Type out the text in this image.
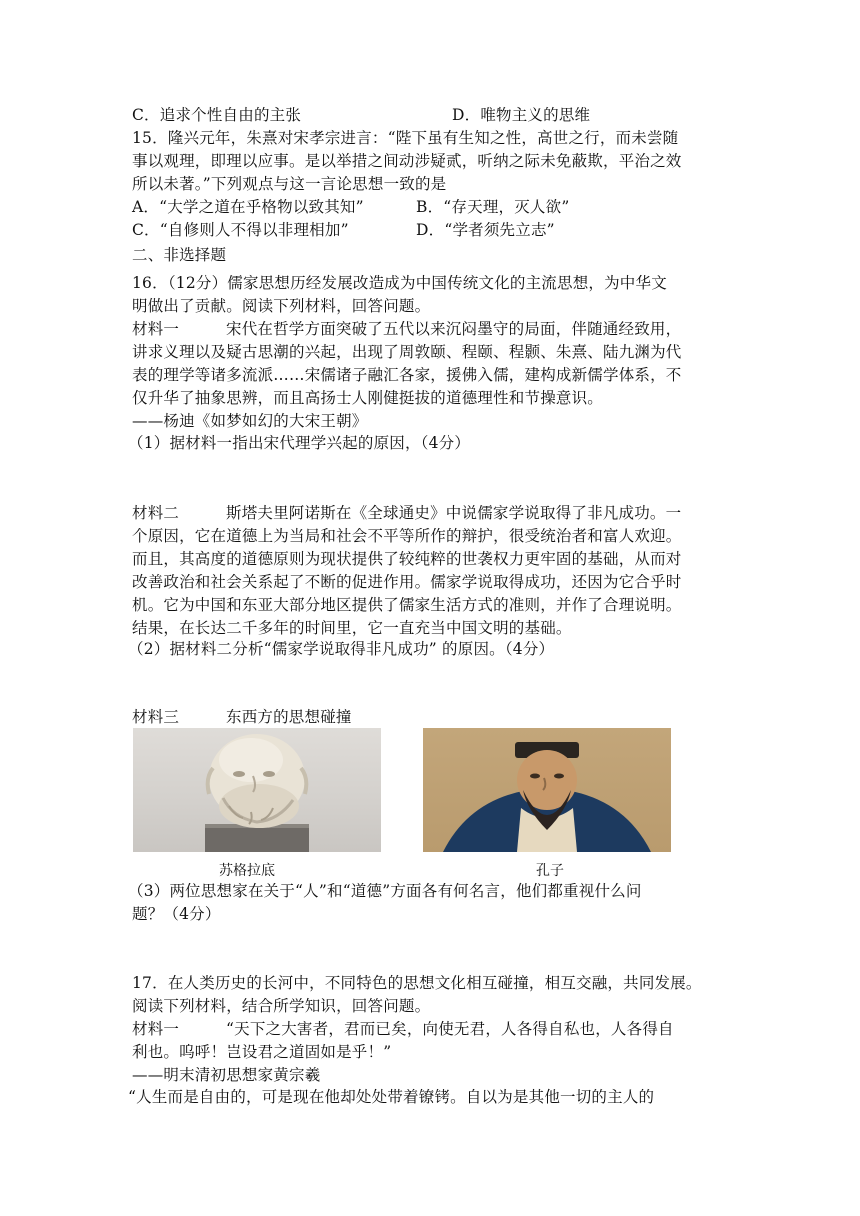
C．追求个性自由的主张	D．唯物主义的思维
15．隆兴元年，朱熹对宋孝宗进言：“陛下虽有生知之性，高世之行，而未尝随
事以观理，即理以应事。是以举措之间动涉疑贰，听纳之际未免蔽欺，平治之效
所以未著。”下列观点与这一言论思想一致的是
A．“大学之道在乎格物以致其知”	B．“存天理，灭人欲”
C．“自修则人不得以非理相加”	D．“学者须先立志”
二、非选择题
16．（12分）儒家思想历经发展改造成为中国传统文化的主流思想，为中华文
明做出了贡献。阅读下列材料，回答问题。
材料一	宋代在哲学方面突破了五代以来沉闷墨守的局面，伴随通经致用，
讲求义理以及疑古思潮的兴起，出现了周敦颐、程颐、程颢、朱熹、陆九渊为代
表的理学等诸多流派……宋儒诸子融汇各家，援佛入儒，建构成新儒学体系，不
仅升华了抽象思辨，而且高扬士人刚健挺拔的道德理性和节操意识。
——杨迪《如梦如幻的大宋王朝》
（1）据材料一指出宋代理学兴起的原因，（4分）
材料二	斯塔夫里阿诺斯在《全球通史》中说儒家学说取得了非凡成功。一
个原因，它在道德上为当局和社会不平等所作的辩护，很受统治者和富人欢迎。
而且，其高度的道德原则为现状提供了较纯粹的世袭权力更牢固的基础，从而对
改善政治和社会关系起了不断的促进作用。儒家学说取得成功，还因为它合乎时
机。它为中国和东亚大部分地区提供了儒家生活方式的准则，并作了合理说明。
结果，在长达二千多年的时间里，它一直充当中国文明的基础。
（2）据材料二分析“儒家学说取得非凡成功” 的原因。（4分）
材料三	东西方的思想碰撞
苏格拉底	孔子
（3）两位思想家在关于“人”和“道德”方面各有何名言，他们都重视什么问
题？（4分）
17．在人类历史的长河中，不同特色的思想文化相互碰撞，相互交融，共同发展。
阅读下列材料，结合所学知识，回答问题。
材料一	“天下之大害者，君而已矣，向使无君，人各得自私也，人各得自
利也。呜呼！岂设君之道固如是乎！”
——明末清初思想家黄宗羲
“人生而是自由的，可是现在他却处处带着镣铐。自以为是其他一切的主人的
